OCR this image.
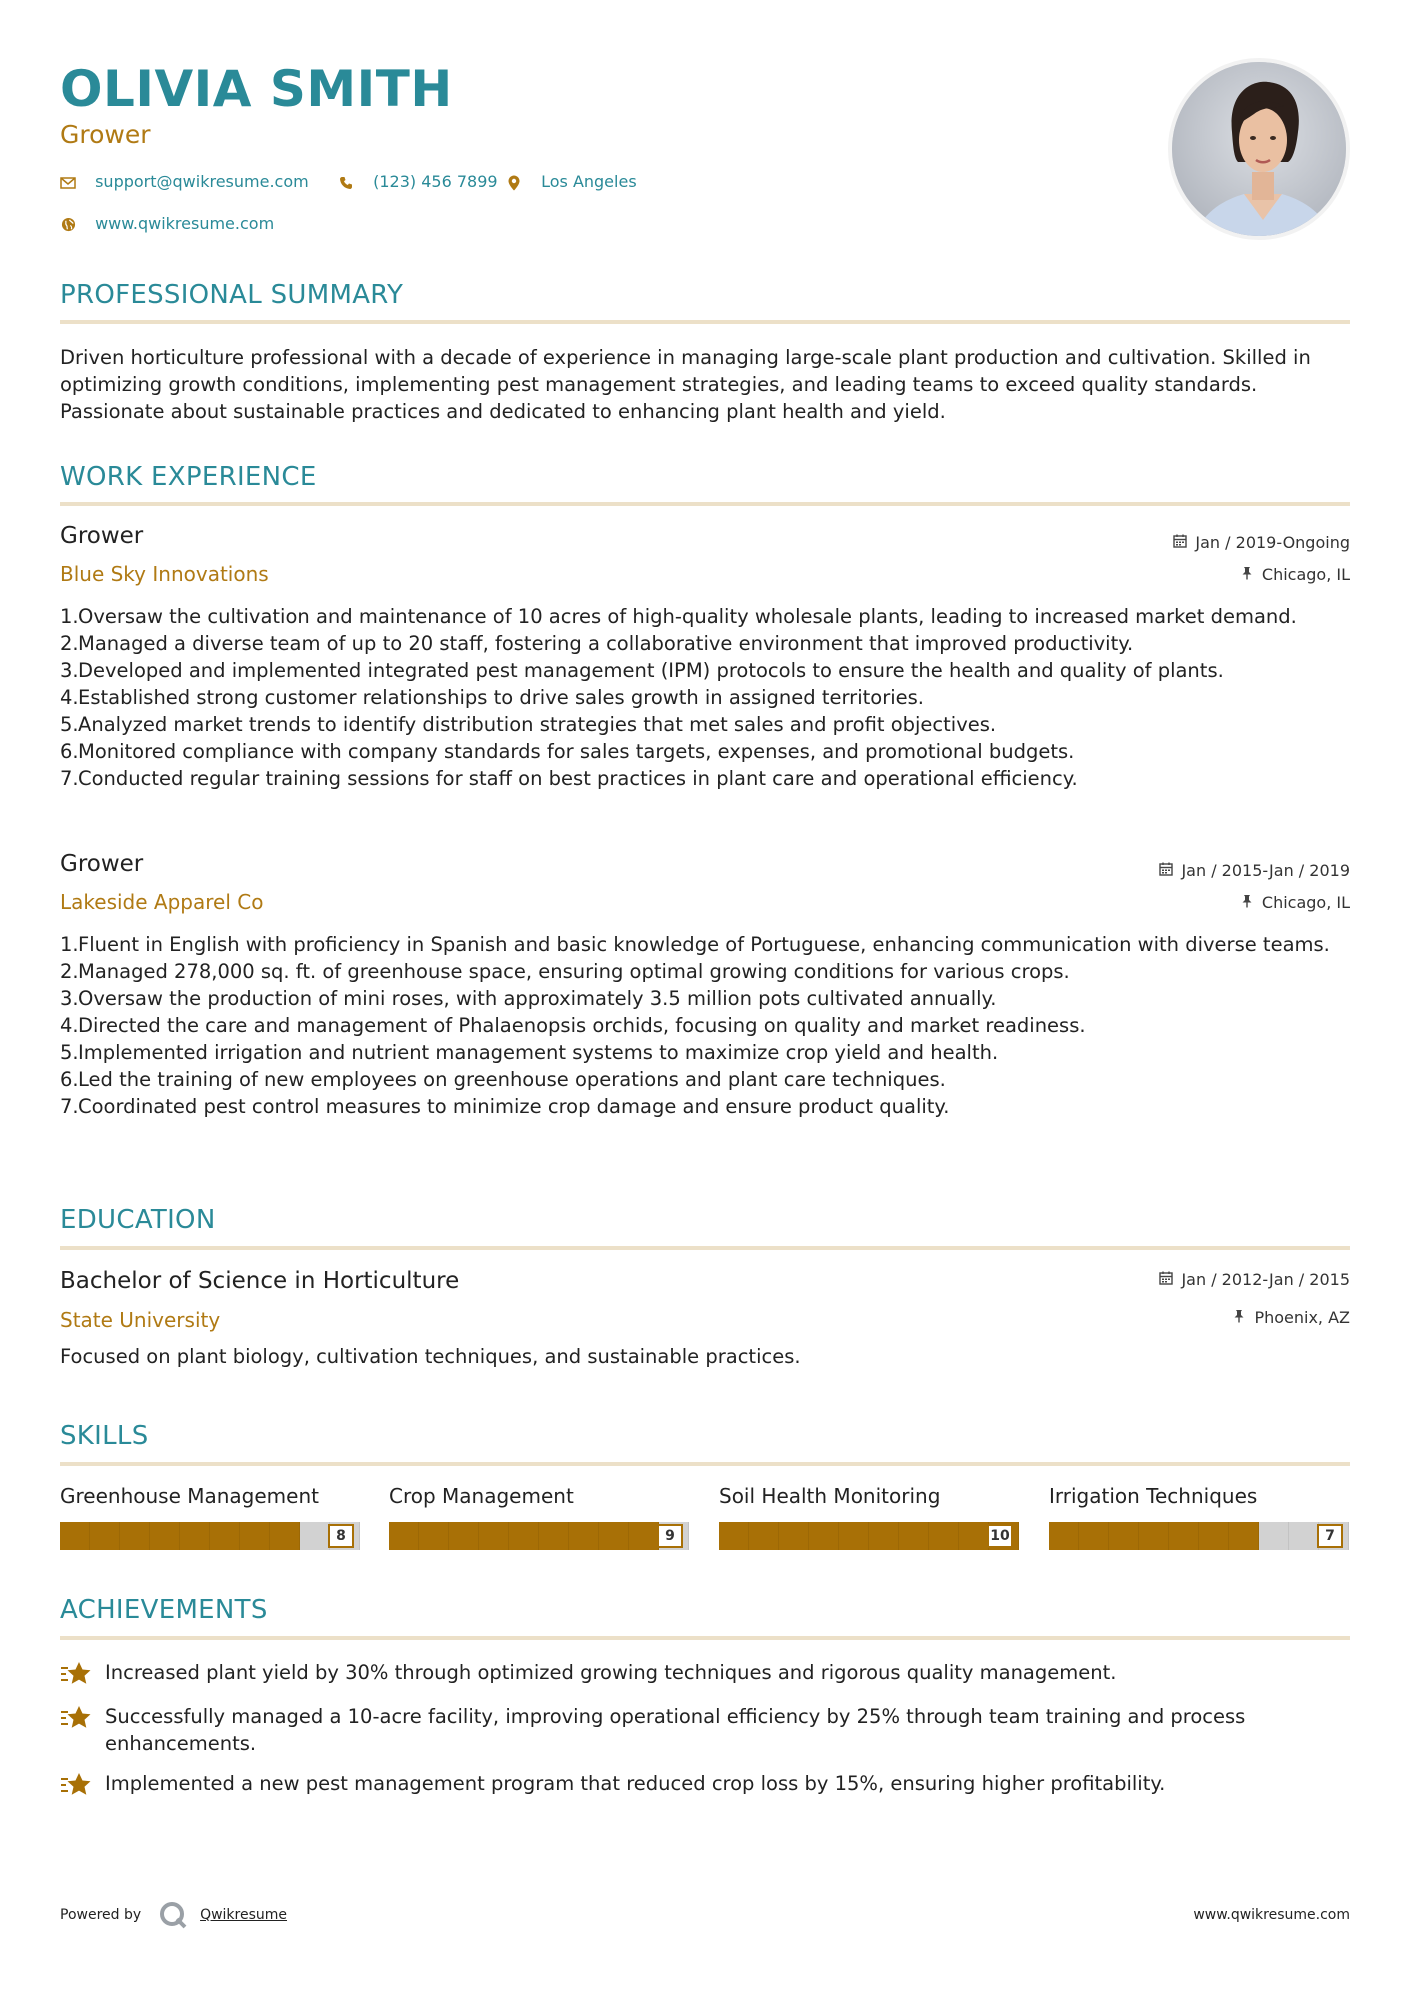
OLIVIA SMITH
Grower
support@qwikresume.com	(123) 456 7899	Los Angeles
www.qwikresume.com
PROFESSIONAL SUMMARY
Driven horticulture professional with a decade of experience in managing large-scale plant production and cultivation. Skilled in optimizing growth conditions, implementing pest management strategies, and leading teams to exceed quality standards. Passionate about sustainable practices and dedicated to enhancing plant health and yield.
WORK EXPERIENCE
Grower
Blue Sky Innovations
Jan / 2019-Ongoing
Chicago, IL
1. Oversaw the cultivation and maintenance of 10 acres of high-quality wholesale plants, leading to increased market demand.
2. Managed a diverse team of up to 20 staff, fostering a collaborative environment that improved productivity.
3. Developed and implemented integrated pest management (IPM) protocols to ensure the health and quality of plants.
4. Established strong customer relationships to drive sales growth in assigned territories.
5. Analyzed market trends to identify distribution strategies that met sales and profit objectives.
6. Monitored compliance with company standards for sales targets, expenses, and promotional budgets.
7. Conducted regular training sessions for staff on best practices in plant care and operational efficiency.
Grower
Lakeside Apparel Co
Jan / 2015-Jan / 2019
Chicago, IL
1. Fluent in English with proficiency in Spanish and basic knowledge of Portuguese, enhancing communication with diverse teams.
2. Managed 278,000 sq. ft. of greenhouse space, ensuring optimal growing conditions for various crops.
3. Oversaw the production of mini roses, with approximately 3.5 million pots cultivated annually.
4. Directed the care and management of Phalaenopsis orchids, focusing on quality and market readiness.
5. Implemented irrigation and nutrient management systems to maximize crop yield and health.
6. Led the training of new employees on greenhouse operations and plant care techniques.
7. Coordinated pest control measures to minimize crop damage and ensure product quality.
EDUCATION
Bachelor of Science in Horticulture
State University
Jan / 2012-Jan / 2015
Phoenix, AZ
Focused on plant biology, cultivation techniques, and sustainable practices.
SKILLS
Greenhouse Management
8
Crop Management
9
Soil Health Monitoring
10
Irrigation Techniques
7
ACHIEVEMENTS
Increased plant yield by 30% through optimized growing techniques and rigorous quality management.
Successfully managed a 10-acre facility, improving operational efficiency by 25% through team training and process enhancements.
Implemented a new pest management program that reduced crop loss by 15%, ensuring higher profitability.
Powered by	Qwikresume	www.qwikresume.com
